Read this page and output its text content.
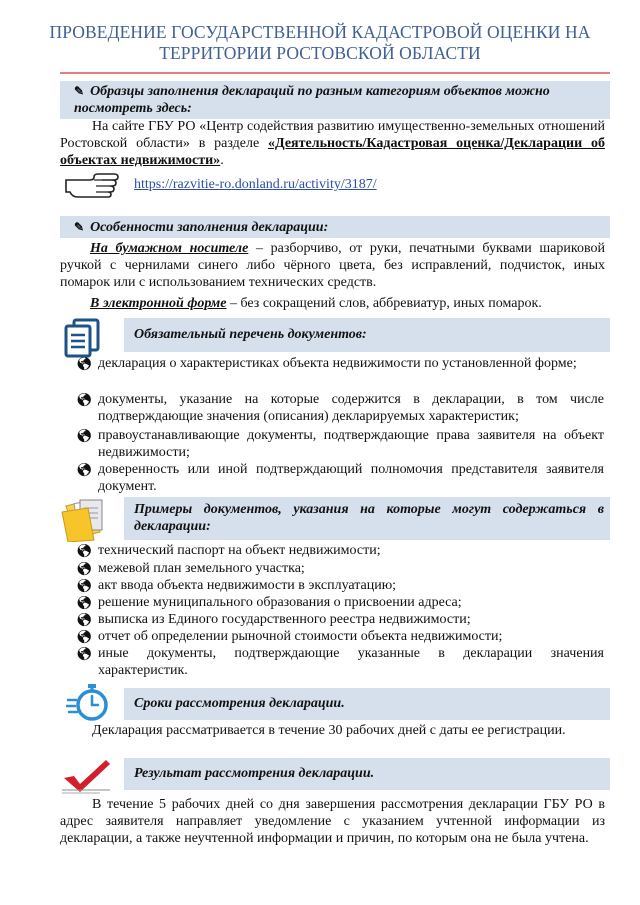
ПРОВЕДЕНИЕ ГОСУДАРСТВЕННОЙ КАДАСТРОВОЙ ОЦЕНКИ НА ТЕРРИТОРИИ РОСТОВСКОЙ ОБЛАСТИ
✎ Образцы заполнения деклараций по разным категориям объектов можно посмотреть здесь:
На сайте ГБУ РО «Центр содействия развитию имущественно-земельных отношений Ростовской области» в разделе «Деятельность/Кадастровая оценка/Декларации об объектах недвижимости».
https://razvitie-ro.donland.ru/activity/3187/
✎ Особенности заполнения декларации:
На бумажном носителе – разборчиво, от руки, печатными буквами шариковой ручкой с чернилами синего либо чёрного цвета, без исправлений, подчисток, иных помарок или с использованием технических средств.
В электронной форме – без сокращений слов, аббревиатур, иных помарок.
Обязательный перечень документов:
🌎︎ декларация о характеристиках объекта недвижимости по установленной форме;
🌎︎ документы, указание на которые содержится в декларации, в том числе подтверждающие значения (описания) декларируемых характеристик;
🌎︎ правоустанавливающие документы, подтверждающие права заявителя на объект недвижимости;
🌎︎ доверенность или иной подтверждающий полномочия представителя заявителя документ.
Примеры документов, указания на которые могут содержаться в декларации:
🌎︎ технический паспорт на объект недвижимости;
🌎︎ межевой план земельного участка;
🌎︎ акт ввода объекта недвижимости в эксплуатацию;
🌎︎ решение муниципального образования о присвоении адреса;
🌎︎ выписка из Единого государственного реестра недвижимости;
🌎︎ отчет об определении рыночной стоимости объекта недвижимости;
🌎︎ иные документы, подтверждающие указанные в декларации значения характеристик.
Сроки рассмотрения декларации.
Декларация рассматривается в течение 30 рабочих дней с даты ее регистрации.
Результат рассмотрения декларации.
В течение 5 рабочих дней со дня завершения рассмотрения декларации ГБУ РО в адрес заявителя направляет уведомление с указанием учтенной информации из декларации, а также неучтенной информации и причин, по которым она не была учтена.
